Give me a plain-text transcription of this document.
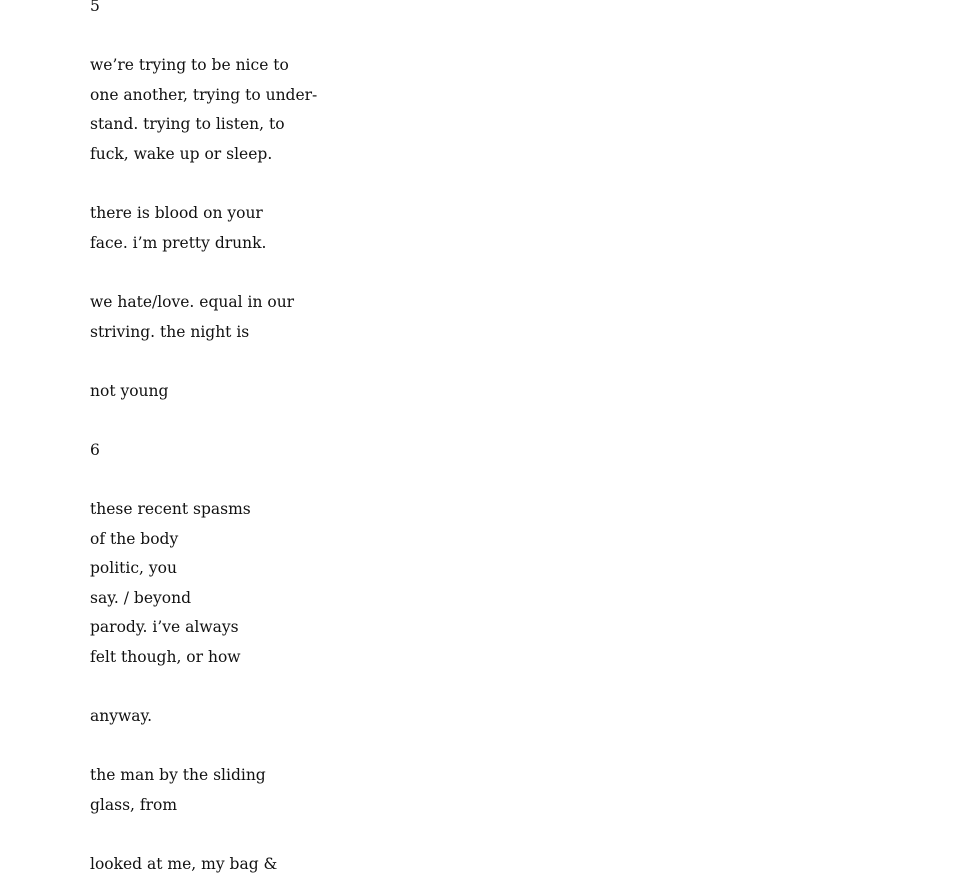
5
we’re trying to be nice to
one another, trying to under-
stand. trying to listen, to
fuck, wake up or sleep.
there is blood on your
face. i’m pretty drunk.
we hate/love. equal in our
striving. the night is
not young
6
these recent spasms
of the body
politic, you
say. / beyond
parody. i’ve always
felt though, or how
anyway.
the man by the sliding
glass, from
looked at me, my bag &
